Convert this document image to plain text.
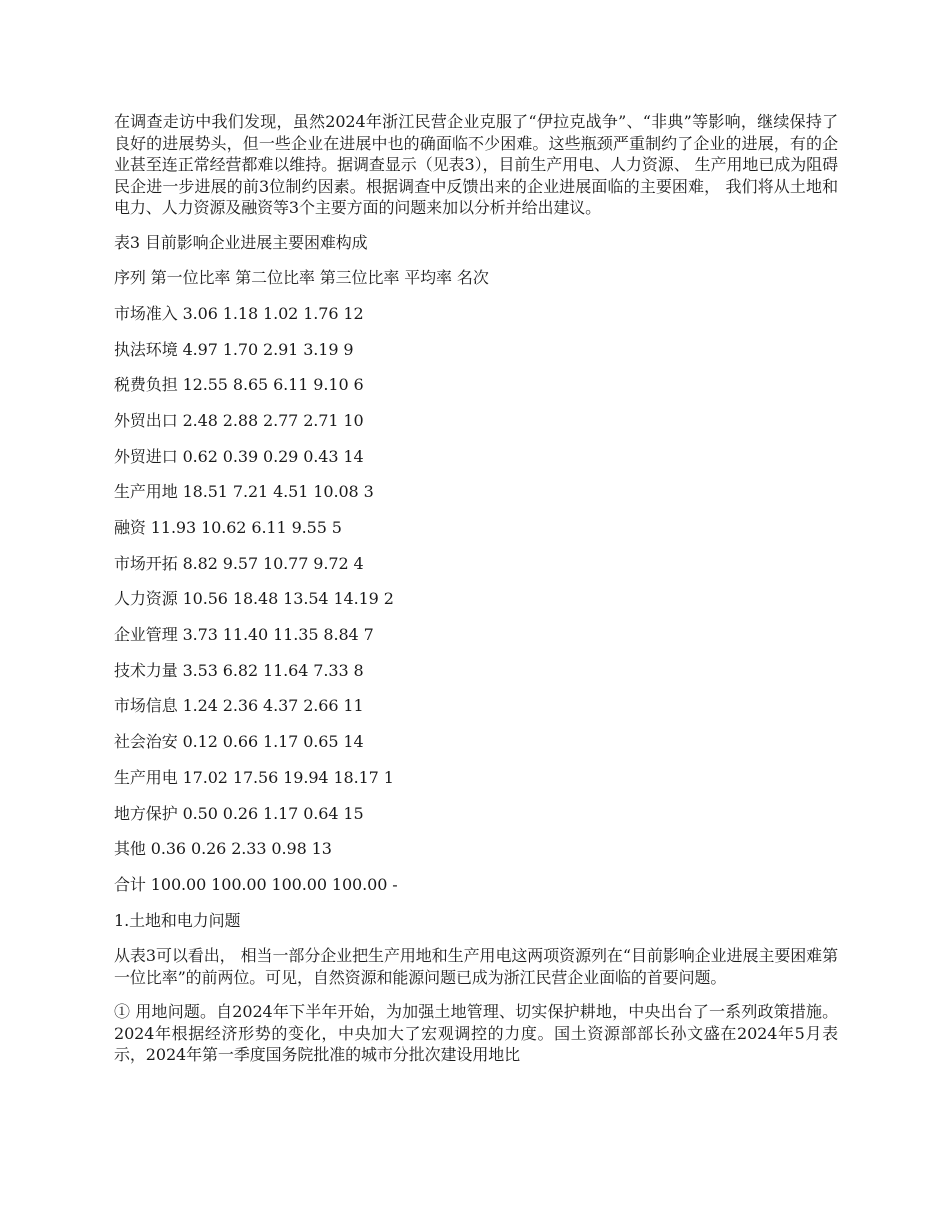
在调查走访中我们发现，虽然2024年浙江民营企业克服了“伊拉克战争”、“非典”等影响，继续保持了良好的进展势头，但一些企业在进展中也的确面临不少困难。这些瓶颈严重制约了企业的进展，有的企业甚至连正常经营都难以维持。据调查显示（见表3），目前生产用电、人力资源、 生产用地已成为阻碍民企进一步进展的前3位制约因素。根据调查中反馈出来的企业进展面临的主要困难， 我们将从土地和电力、人力资源及融资等3个主要方面的问题来加以分析并给出建议。

表3 目前影响企业进展主要困难构成

序列 第一位比率 第二位比率 第三位比率 平均率 名次

市场准入 3.06 1.18 1.02 1.76 12

执法环境 4.97 1.70 2.91 3.19 9

税费负担 12.55 8.65 6.11 9.10 6

外贸出口 2.48 2.88 2.77 2.71 10

外贸进口 0.62 0.39 0.29 0.43 14

生产用地 18.51 7.21 4.51 10.08 3

融资 11.93 10.62 6.11 9.55 5

市场开拓 8.82 9.57 10.77 9.72 4

人力资源 10.56 18.48 13.54 14.19 2

企业管理 3.73 11.40 11.35 8.84 7

技术力量 3.53 6.82 11.64 7.33 8

市场信息 1.24 2.36 4.37 2.66 11

社会治安 0.12 0.66 1.17 0.65 14

生产用电 17.02 17.56 19.94 18.17 1

地方保护 0.50 0.26 1.17 0.64 15

其他 0.36 0.26 2.33 0.98 13

合计 100.00 100.00 100.00 100.00 -

1.土地和电力问题

从表3可以看出， 相当一部分企业把生产用地和生产用电这两项资源列在“目前影响企业进展主要困难第一位比率”的前两位。可见，自然资源和能源问题已成为浙江民营企业面临的首要问题。

① 用地问题。自2024年下半年开始，为加强土地管理、切实保护耕地，中央出台了一系列政策措施。2024年根据经济形势的变化，中央加大了宏观调控的力度。国土资源部部长孙文盛在2024年5月表示，2024年第一季度国务院批准的城市分批次建设用地比
